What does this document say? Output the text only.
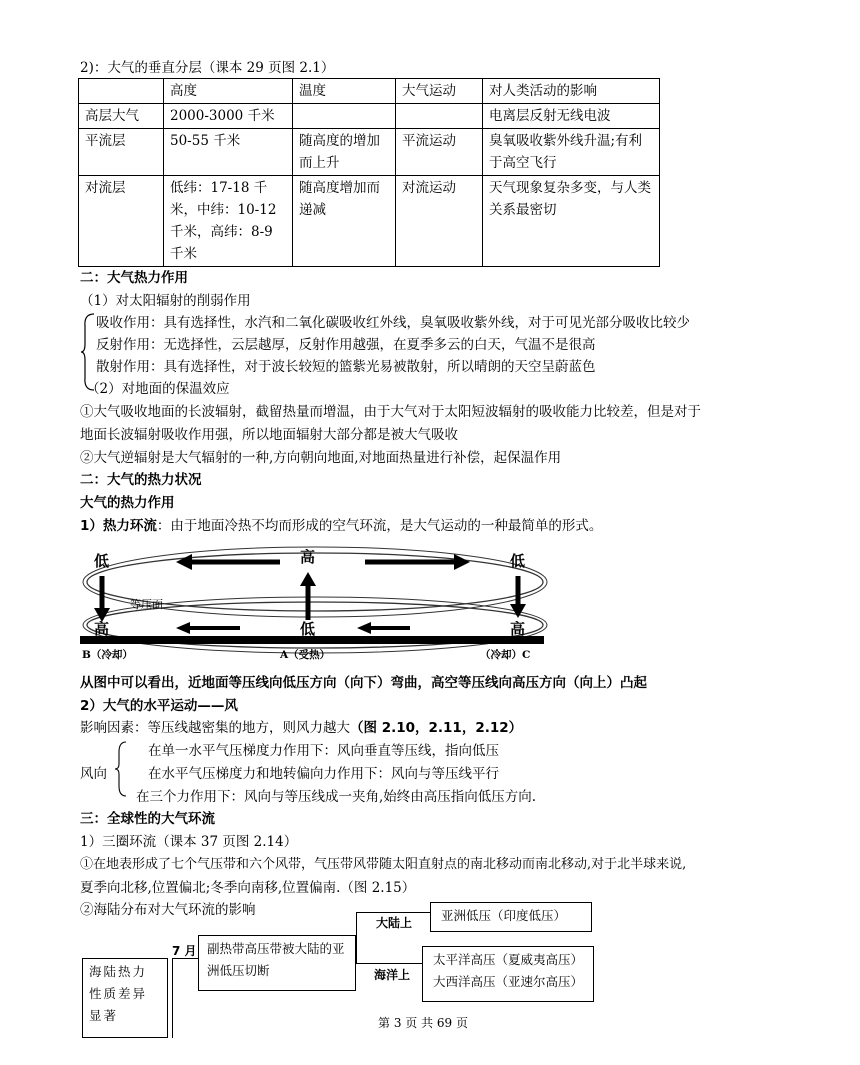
2)：大气的垂直分层（课本 29 页图 2.1）
	高度	温度	大气运动	对人类活动的影响
高层大气	2000-3000 千米			电离层反射无线电波
平流层	50-55 千米	随高度的增加而上升	平流运动	臭氧吸收紫外线升温;有利于高空飞行
对流层	低纬：17-18 千米，中纬：10-12 千米，高纬：8-9 千米	随高度增加而递减	对流运动	天气现象复杂多变，与人类关系最密切
二：大气热力作用
（1）对太阳辐射的削弱作用
吸收作用：具有选择性，水汽和二氧化碳吸收红外线，臭氧吸收紫外线，对于可见光部分吸收比较少
反射作用：无选择性，云层越厚，反射作用越强，在夏季多云的白天，气温不是很高
散射作用：具有选择性，对于波长较短的篮紫光易被散射，所以晴朗的天空呈蔚蓝色
（2）对地面的保温效应
①大气吸收地面的长波辐射，截留热量而增温，由于大气对于太阳短波辐射的吸收能力比较差，但是对于
地面长波辐射吸收作用强，所以地面辐射大部分都是被大气吸收
②大气逆辐射是大气辐射的一种,方向朝向地面,对地面热量进行补偿，起保温作用
二：大气的热力状况
大气的热力作用
1）热力环流：由于地面冷热不均而形成的空气环流，是大气运动的一种最简单的形式。
低	高	低
高	低	高
等压面
B（冷却）	A（受热）	（冷却）C
从图中可以看出，近地面等压线向低压方向（向下）弯曲，高空等压线向高压方向（向上）凸起
2）大气的水平运动——风
影响因素：等压线越密集的地方，则风力越大（图 2.10，2.11，2.12）
风向
在单一水平气压梯度力作用下：风向垂直等压线，指向低压
在水平气压梯度力和地转偏向力作用下：风向与等压线平行
在三个力作用下：风向与等压线成一夹角,始终由高压指向低压方向.
三：全球性的大气环流
1）三圈环流（课本 37 页图 2.14）
①在地表形成了七个气压带和六个风带，气压带风带随太阳直射点的南北移动而南北移动,对于北半球来说,
夏季向北移,位置偏北;冬季向南移,位置偏南.（图 2.15）
②海陆分布对大气环流的影响
海陆热力性质差异显著
7 月 副热带高压带被大陆的亚洲低压切断
大陆上
海洋上
亚洲低压（印度低压）
太平洋高压（夏威夷高压）
大西洋高压（亚速尔高压）
第 3 页 共 69 页
